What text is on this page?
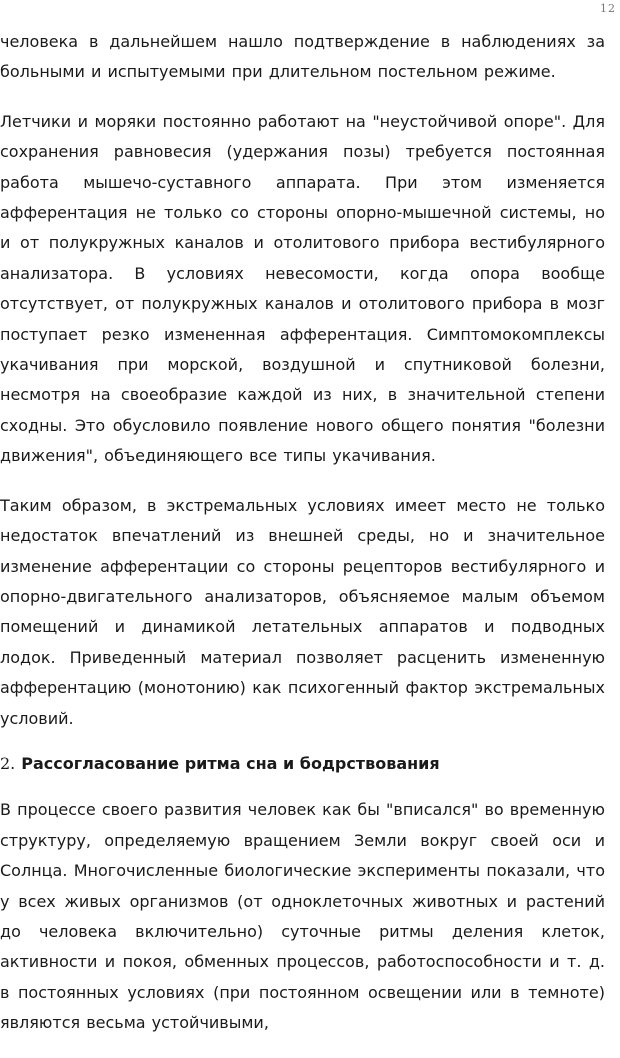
12

человека в дальнейшем нашло подтверждение в наблюдениях за больными и испытуемыми при длительном постельном режиме.

Летчики и моряки постоянно работают на "неустойчивой опоре". Для сохранения равновесия (удержания позы) требуется постоянная работа мышечо-суставного аппарата. При этом изменяется афферентация не только со стороны опорно-мышечной системы, но и от полукружных каналов и отолитового прибора вестибулярного анализатора. В условиях невесомости, когда опора вообще отсутствует, от полукружных каналов и отолитового прибора в мозг поступает резко измененная афферентация. Симптомокомплексы укачивания при морской, воздушной и спутниковой болезни, несмотря на своеобразие каждой из них, в значительной степени сходны. Это обусловило появление нового общего понятия "болезни движения", объединяющего все типы укачивания.

Таким образом, в экстремальных условиях имеет место не только недостаток впечатлений из внешней среды, но и значительное изменение афферентации со стороны рецепторов вестибулярного и опорно-двигательного анализаторов, объясняемое малым объемом помещений и динамикой летательных аппаратов и подводных лодок. Приведенный материал позволяет расценить измененную афферентацию (монотонию) как психогенный фактор экстремальных условий.

2. Рассогласование ритма сна и бодрствования

В процессе своего развития человек как бы "вписался" во временную структуру, определяемую вращением Земли вокруг своей оси и Солнца. Многочисленные биологические эксперименты показали, что у всех живых организмов (от одноклеточных животных и растений до человека включительно) суточные ритмы деления клеток, активности и покоя, обменных процессов, работоспособности и т. д. в постоянных условиях (при постоянном освещении или в темноте) являются весьма устойчивыми,
